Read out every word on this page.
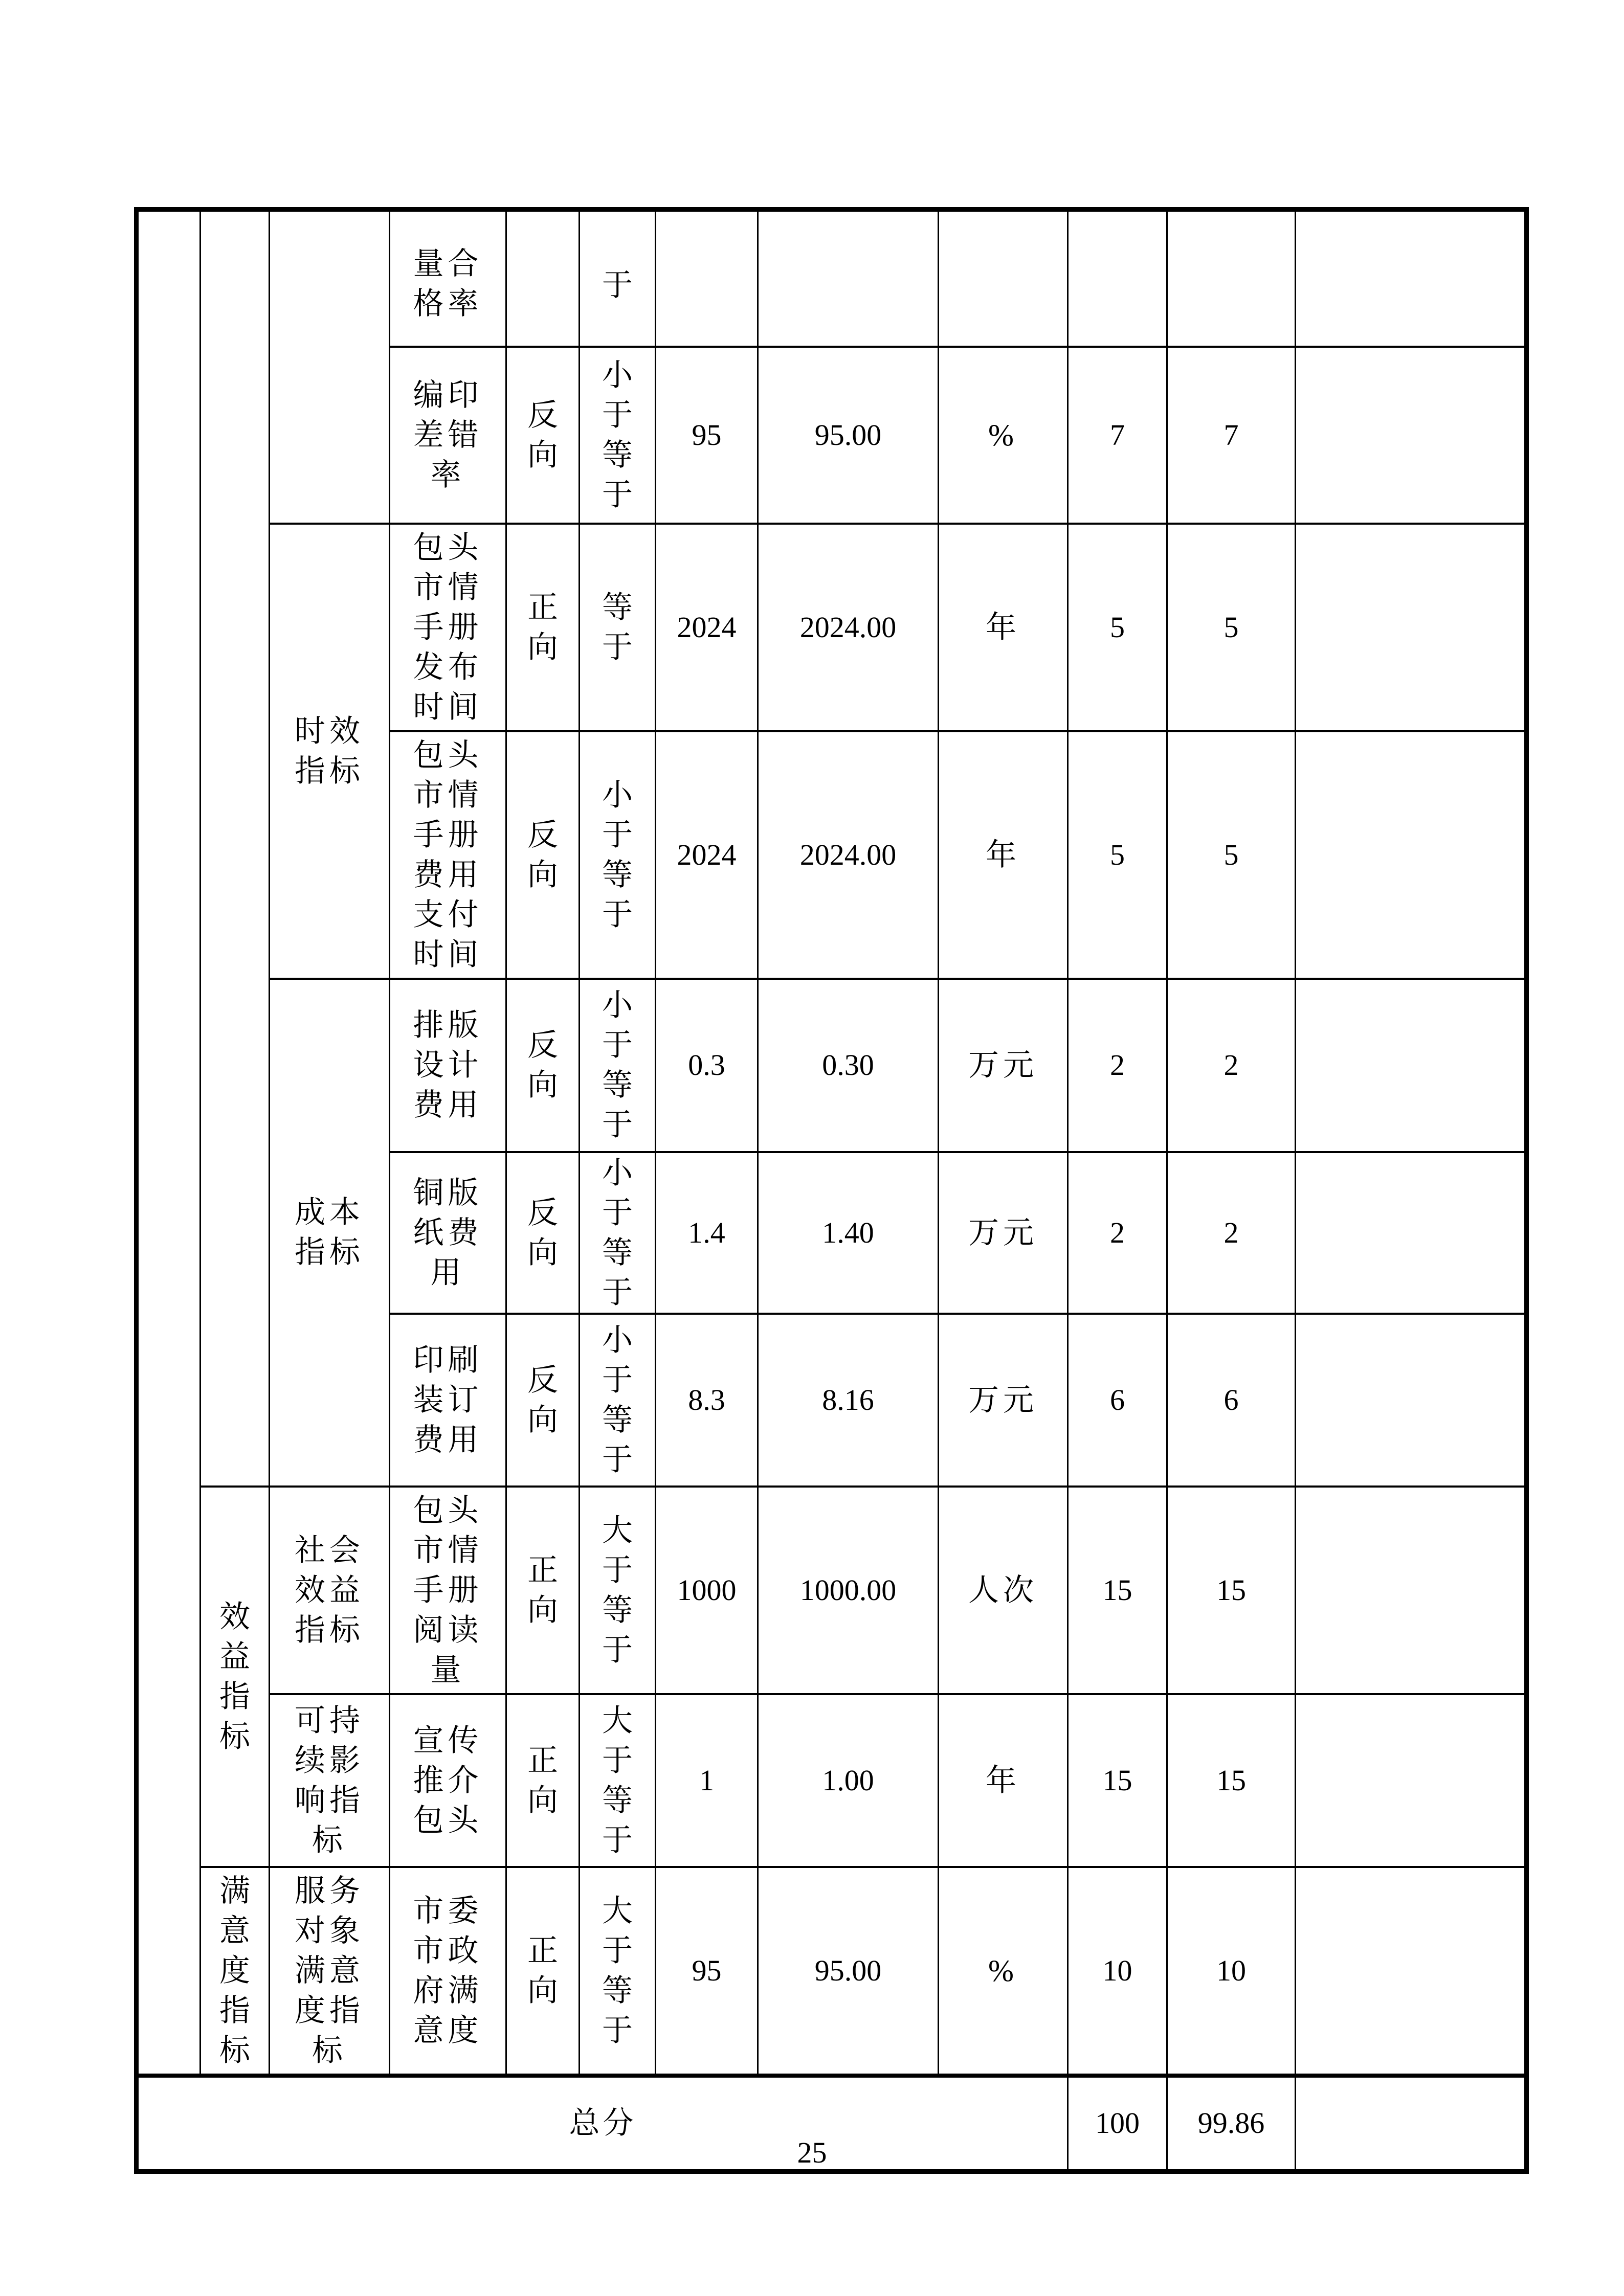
			量合格率		于						

			编印差错率	反向	小于等于	95	95.00	%	7	7	

		时效指标	包头市情手册发布时间	正向	等于	2024	2024.00	年	5	5	

			包头市情手册费用支付时间	反向	小于等于	2024	2024.00	年	5	5	

		成本指标	排版设计费用	反向	小于等于	0.3	0.30	万元	2	2	

			铜版纸费用	反向	小于等于	1.4	1.40	万元	2	2	

			印刷装订费用	反向	小于等于	8.3	8.16	万元	6	6	

	效益指标	社会效益指标	包头市情手册阅读量	正向	大于等于	1000	1000.00	人次	15	15	

		可持续影响指标	宣传推介包头	正向	大于等于	1	1.00	年	15	15	

	满意度指标	服务对象满意度指标	市委市政府满意度	正向	大于等于	95	95.00	%	10	10	

总分									100	99.86	

25
